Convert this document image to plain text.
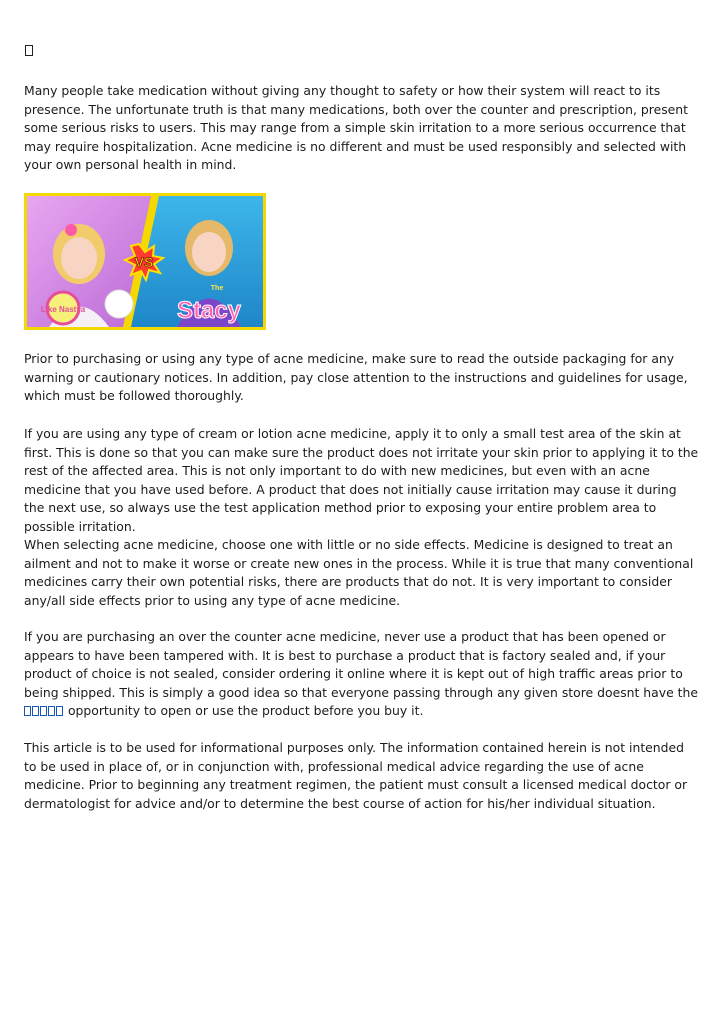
Many people take medication without giving any thought to safety or how their system will react to its presence. The unfortunate truth is that many medications, both over the counter and prescription, present some serious risks to users. This may range from a simple skin irritation to a more serious occurrence that may require hospitalization. Acne medicine is no different and must be used responsibly and selected with your own personal health in mind.

Like Nastya
The
Stacy
VS

Prior to purchasing or using any type of acne medicine, make sure to read the outside packaging for any warning or cautionary notices. In addition, pay close attention to the instructions and guidelines for usage, which must be followed thoroughly.

If you are using any type of cream or lotion acne medicine, apply it to only a small test area of the skin at first. This is done so that you can make sure the product does not irritate your skin prior to applying it to the rest of the affected area. This is not only important to do with new medicines, but even with an acne medicine that you have used before. A product that does not initially cause irritation may cause it during the next use, so always use the test application method prior to exposing your entire problem area to possible irritation.

When selecting acne medicine, choose one with little or no side effects. Medicine is designed to treat an ailment and not to make it worse or create new ones in the process. While it is true that many conventional medicines carry their own potential risks, there are products that do not. It is very important to consider any/all side effects prior to using any type of acne medicine.

If you are purchasing an over the counter acne medicine, never use a product that has been opened or appears to have been tampered with. It is best to purchase a product that is factory sealed and, if your product of choice is not sealed, consider ordering it online where it is kept out of high traffic areas prior to being shipped. This is simply a good idea so that everyone passing through any given store doesnt have the  opportunity to open or use the product before you buy it.

This article is to be used for informational purposes only. The information contained herein is not intended to be used in place of, or in conjunction with, professional medical advice regarding the use of acne medicine. Prior to beginning any treatment regimen, the patient must consult a licensed medical doctor or dermatologist for advice and/or to determine the best course of action for his/her individual situation.
